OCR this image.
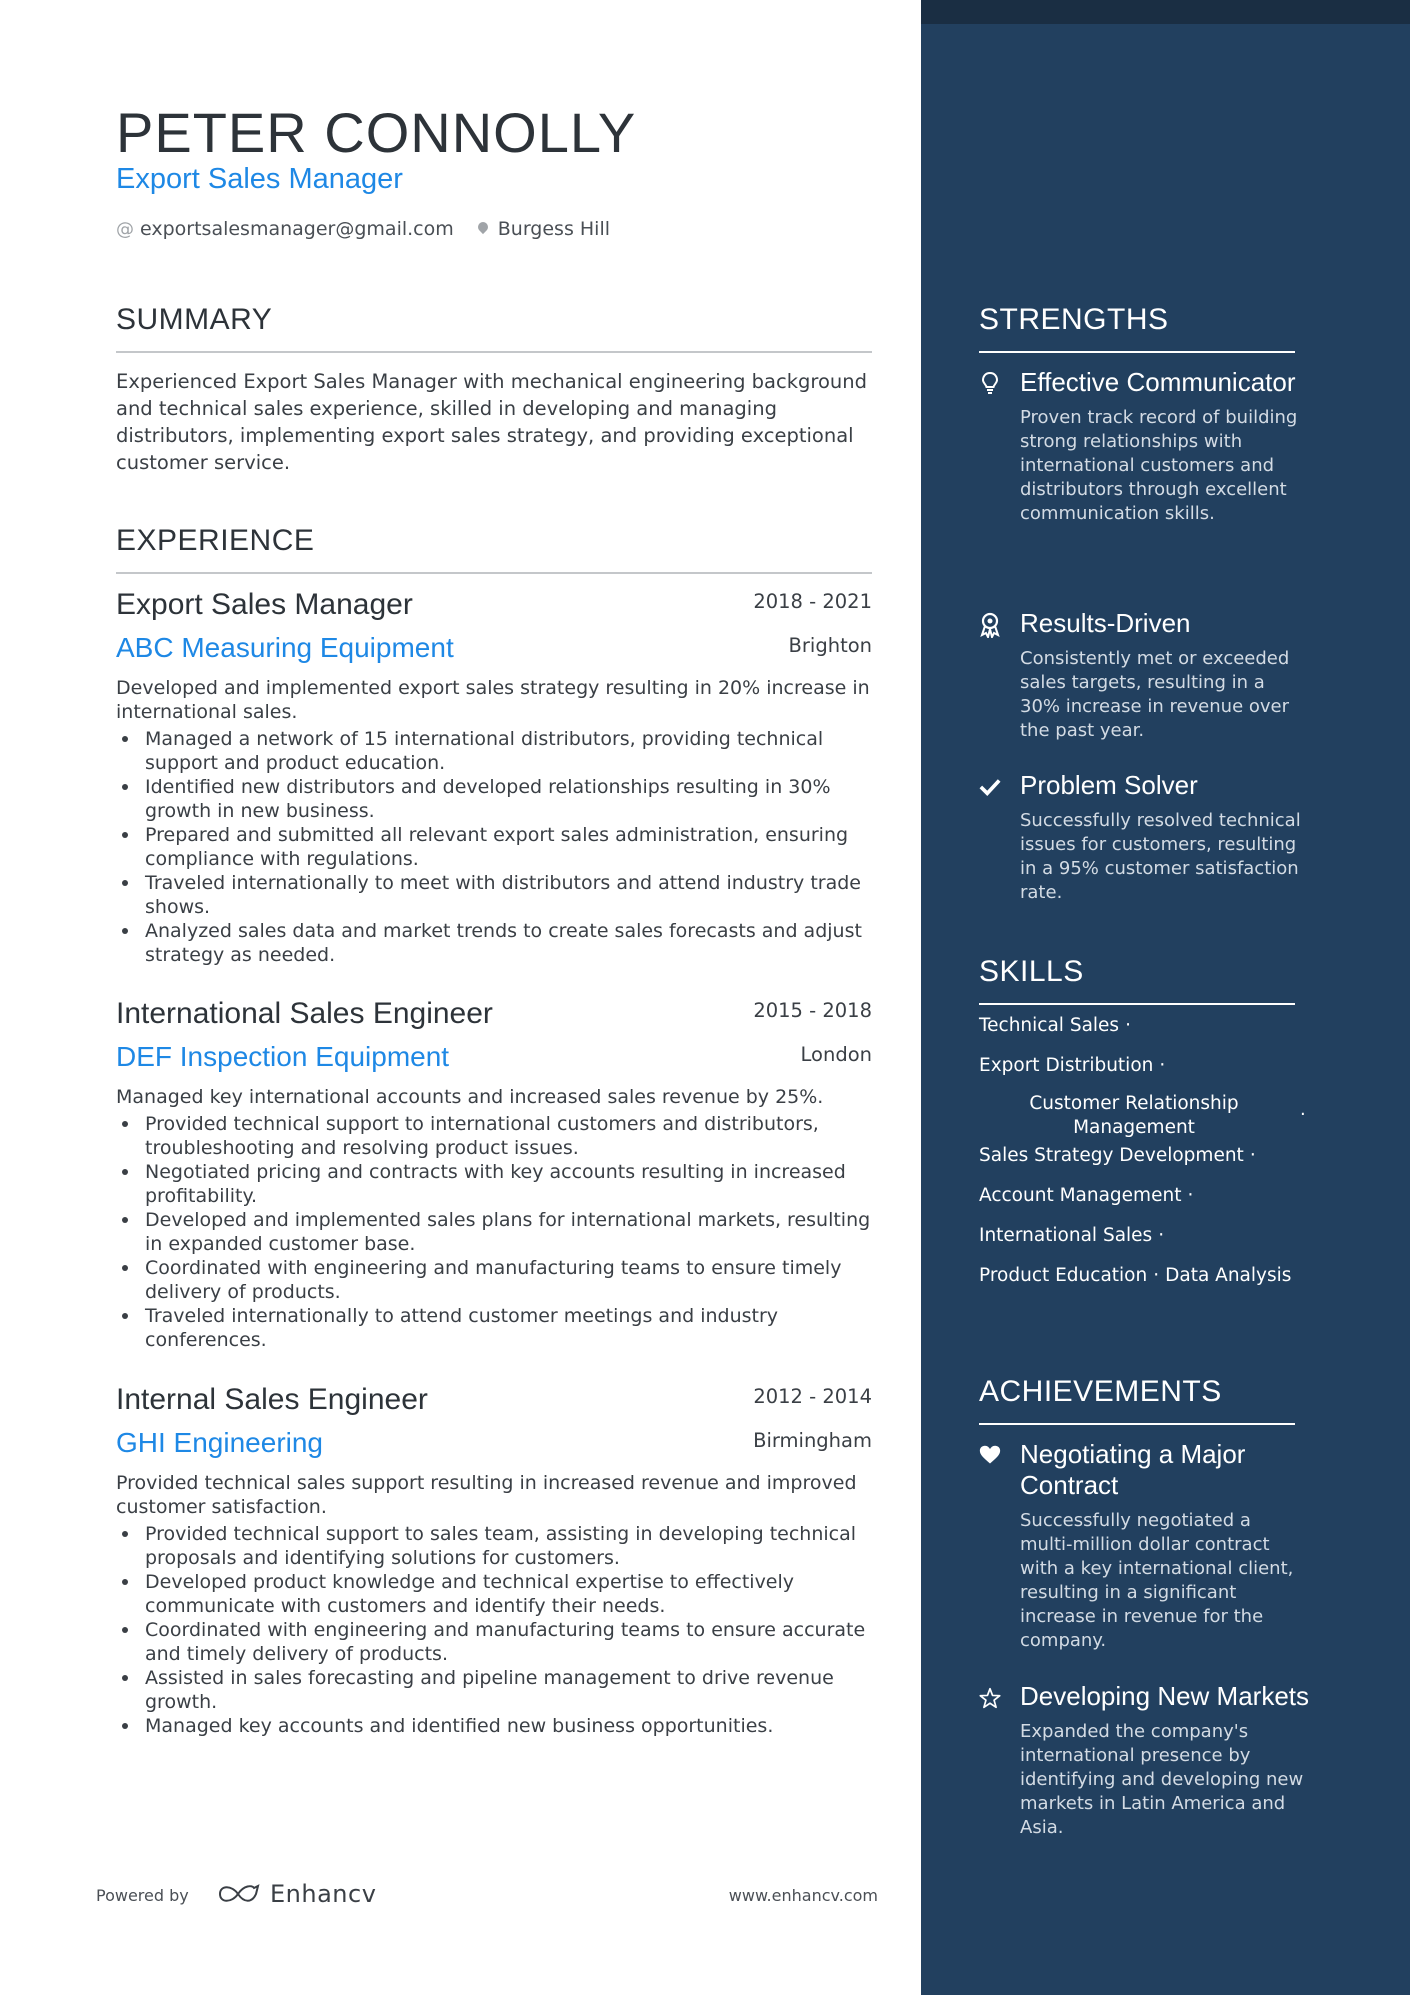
PETER CONNOLLY
Export Sales Manager
@ exportsalesmanager@gmail.com Burgess Hill
SUMMARY
Experienced Export Sales Manager with mechanical engineering background and technical sales experience, skilled in developing and managing distributors, implementing export sales strategy, and providing exceptional customer service.
EXPERIENCE
Export Sales Manager	2018 - 2021
ABC Measuring Equipment	Brighton
Developed and implemented export sales strategy resulting in 20% increase in international sales.
Managed a network of 15 international distributors, providing technical support and product education.
Identified new distributors and developed relationships resulting in 30% growth in new business.
Prepared and submitted all relevant export sales administration, ensuring compliance with regulations.
Traveled internationally to meet with distributors and attend industry trade shows.
Analyzed sales data and market trends to create sales forecasts and adjust strategy as needed.
International Sales Engineer	2015 - 2018
DEF Inspection Equipment	London
Managed key international accounts and increased sales revenue by 25%.
Provided technical support to international customers and distributors, troubleshooting and resolving product issues.
Negotiated pricing and contracts with key accounts resulting in increased profitability.
Developed and implemented sales plans for international markets, resulting in expanded customer base.
Coordinated with engineering and manufacturing teams to ensure timely delivery of products.
Traveled internationally to attend customer meetings and industry conferences.
Internal Sales Engineer	2012 - 2014
GHI Engineering	Birmingham
Provided technical sales support resulting in increased revenue and improved customer satisfaction.
Provided technical support to sales team, assisting in developing technical proposals and identifying solutions for customers.
Developed product knowledge and technical expertise to effectively communicate with customers and identify their needs.
Coordinated with engineering and manufacturing teams to ensure accurate and timely delivery of products.
Assisted in sales forecasting and pipeline management to drive revenue growth.
Managed key accounts and identified new business opportunities.
Powered by	Enhancv	www.enhancv.com
STRENGTHS
Effective Communicator
Proven track record of building strong relationships with international customers and distributors through excellent communication skills.
Results-Driven
Consistently met or exceeded sales targets, resulting in a 30% increase in revenue over the past year.
Problem Solver
Successfully resolved technical issues for customers, resulting in a 95% customer satisfaction rate.
SKILLS
Technical Sales ·
Export Distribution ·
Customer Relationship Management
·
Sales Strategy Development ·
Account Management ·
International Sales ·
Product Education · Data Analysis
ACHIEVEMENTS
Negotiating a Major Contract
Successfully negotiated a multi-million dollar contract with a key international client, resulting in a significant increase in revenue for the company.
Developing New Markets
Expanded the company's international presence by identifying and developing new markets in Latin America and Asia.
